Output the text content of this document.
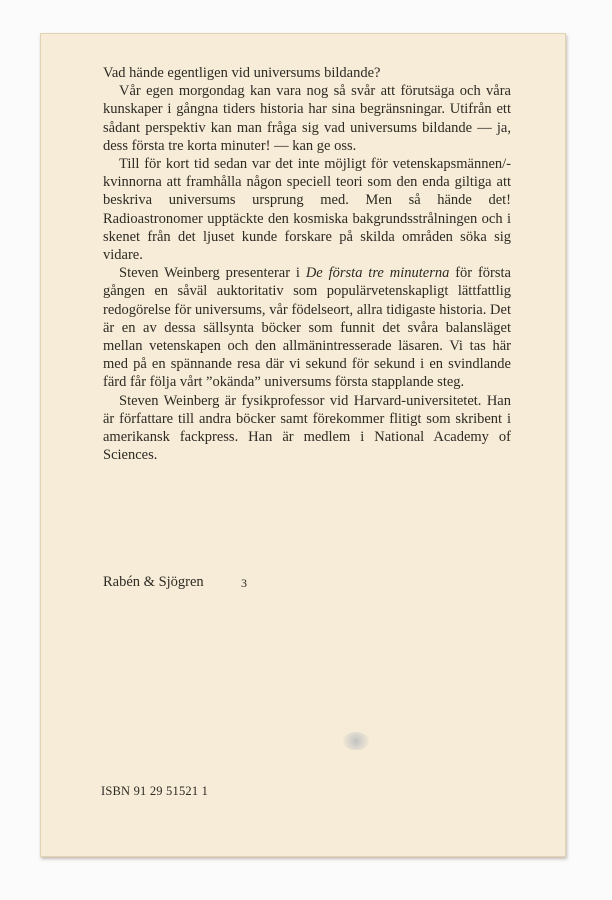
Vad hände egentligen vid universums bildande?

Vår egen morgondag kan vara nog så svår att förutsäga och våra kunskaper i gångna tiders historia har sina begränsningar. Utifrån ett sådant perspektiv kan man fråga sig vad universums bildande — ja, dess första tre korta minuter! — kan ge oss.

Till för kort tid sedan var det inte möjligt för vetenskapsmännen/-kvinnorna att framhålla någon speciell teori som den enda giltiga att beskriva universums ursprung med. Men så hände det! Radioastronomer upptäckte den kosmiska bakgrundsstrålningen och i skenet från det ljuset kunde forskare på skilda områden söka sig vidare.

Steven Weinberg presenterar i De första tre minuterna för första gången en såväl auktoritativ som populärvetenskapligt lättfattlig redogörelse för universums, vår födelseort, allra tidigaste historia. Det är en av dessa sällsynta böcker som funnit det svåra balansläget mellan vetenskapen och den allmänintresserade läsaren. Vi tas här med på en spännande resa där vi sekund för sekund i en svindlande färd får följa vårt ”okända” universums första stapplande steg.

Steven Weinberg är fysikprofessor vid Harvard-universitetet. Han är författare till andra böcker samt förekommer flitigt som skribent i amerikansk fackpress. Han är medlem i National Academy of Sciences.

Rabén & Sjögren	3
ISBN 91 29 51521 1
